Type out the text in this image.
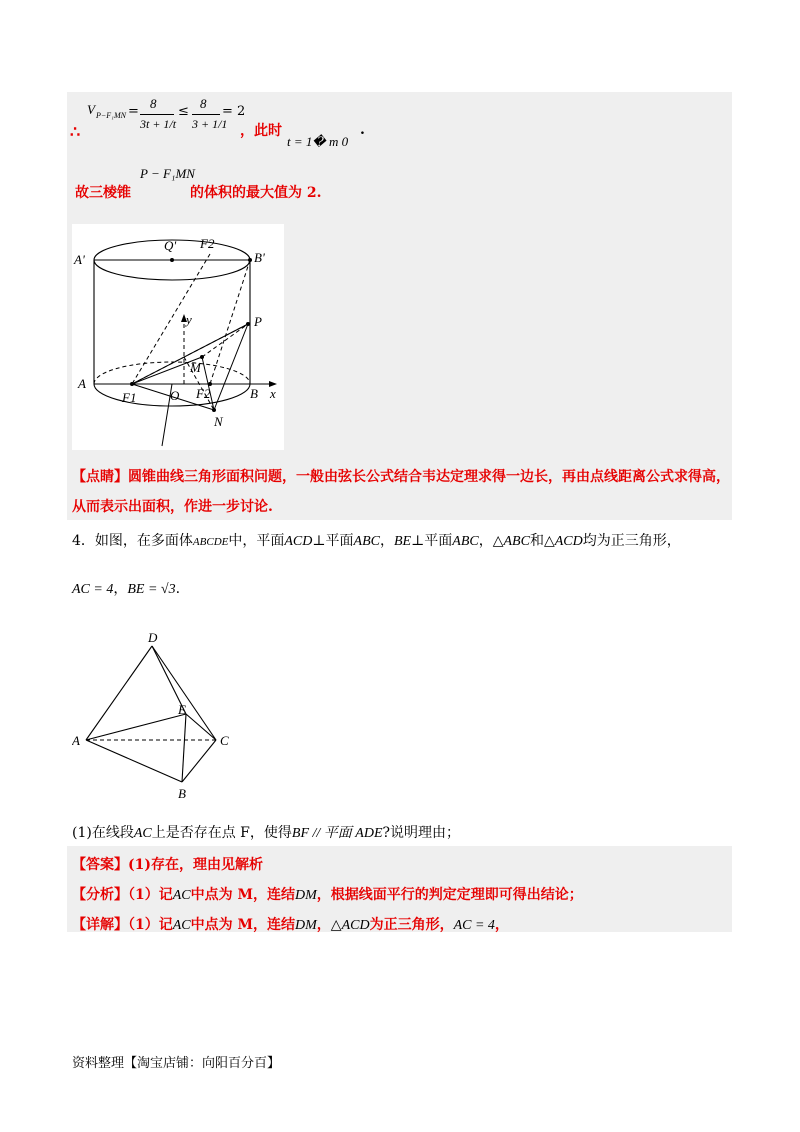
∴
V P−F₁MN =
8
3t + 1/t
≤
8
3 + 1/1
= 2
，此时
t = 1� m 0
.
故三棱锥
P − F₁MN
的体积的最大值为 2.
A'
Q' F2
B'
y	P
M
A
F1	O F2	B x
N
【点睛】圆锥曲线三角形面积问题，一般由弦长公式结合韦达定理求得一边长，再由点线距离公式求得高，
从而表示出面积，作进一步讨论.
4．如图，在多面体ABCDE中，平面ACD⊥平面ABC，BE⊥平面ABC，△ABC和△ACD均为正三角形，
AC = 4，BE = √3.
D
E
A	C
B
(1)在线段AC上是否存在点 F，使得BF // 平面 ADE?说明理由；
【答案】(1)存在，理由见解析
【分析】（1）记AC中点为 M，连结DM，根据线面平行的判定定理即可得出结论；
【详解】（1）记AC中点为 M，连结DM，△ACD为正三角形，AC = 4，
资料整理【淘宝店铺：向阳百分百】
